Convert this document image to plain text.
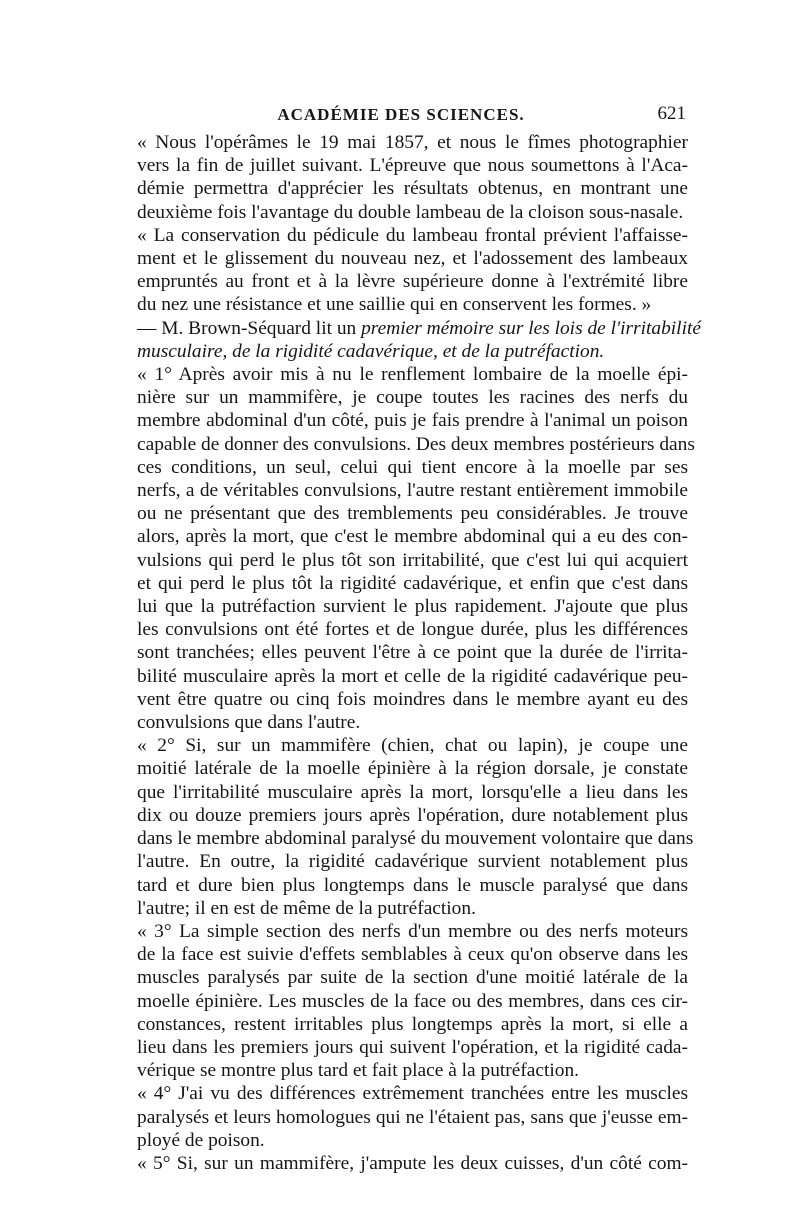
ACADÉMIE DES SCIENCES.	621

« Nous l'opérâmes le 19 mai 1857, et nous le fîmes photographier
vers la fin de juillet suivant. L'épreuve que nous soumettons à l'Aca-
démie permettra d'apprécier les résultats obtenus, en montrant une
deuxième fois l'avantage du double lambeau de la cloison sous-nasale.

« La conservation du pédicule du lambeau frontal prévient l'affaisse-
ment et le glissement du nouveau nez, et l'adossement des lambeaux
empruntés au front et à la lèvre supérieure donne à l'extrémité libre
du nez une résistance et une saillie qui en conservent les formes. »

— M. Brown-Séquard lit un premier mémoire sur les lois de l'irritabilité
musculaire, de la rigidité cadavérique, et de la putréfaction.

« 1° Après avoir mis à nu le renflement lombaire de la moelle épi-
nière sur un mammifère, je coupe toutes les racines des nerfs du
membre abdominal d'un côté, puis je fais prendre à l'animal un poison
capable de donner des convulsions. Des deux membres postérieurs dans
ces conditions, un seul, celui qui tient encore à la moelle par ses
nerfs, a de véritables convulsions, l'autre restant entièrement immobile
ou ne présentant que des tremblements peu considérables. Je trouve
alors, après la mort, que c'est le membre abdominal qui a eu des con-
vulsions qui perd le plus tôt son irritabilité, que c'est lui qui acquiert
et qui perd le plus tôt la rigidité cadavérique, et enfin que c'est dans
lui que la putréfaction survient le plus rapidement. J'ajoute que plus
les convulsions ont été fortes et de longue durée, plus les différences
sont tranchées; elles peuvent l'être à ce point que la durée de l'irrita-
bilité musculaire après la mort et celle de la rigidité cadavérique peu-
vent être quatre ou cinq fois moindres dans le membre ayant eu des
convulsions que dans l'autre.

« 2° Si, sur un mammifère (chien, chat ou lapin), je coupe une
moitié latérale de la moelle épinière à la région dorsale, je constate
que l'irritabilité musculaire après la mort, lorsqu'elle a lieu dans les
dix ou douze premiers jours après l'opération, dure notablement plus
dans le membre abdominal paralysé du mouvement volontaire que dans
l'autre. En outre, la rigidité cadavérique survient notablement plus
tard et dure bien plus longtemps dans le muscle paralysé que dans
l'autre; il en est de même de la putréfaction.

« 3° La simple section des nerfs d'un membre ou des nerfs moteurs
de la face est suivie d'effets semblables à ceux qu'on observe dans les
muscles paralysés par suite de la section d'une moitié latérale de la
moelle épinière. Les muscles de la face ou des membres, dans ces cir-
constances, restent irritables plus longtemps après la mort, si elle a
lieu dans les premiers jours qui suivent l'opération, et la rigidité cada-
vérique se montre plus tard et fait place à la putréfaction.

« 4° J'ai vu des différences extrêmement tranchées entre les muscles
paralysés et leurs homologues qui ne l'étaient pas, sans que j'eusse em-
ployé de poison.

« 5° Si, sur un mammifère, j'ampute les deux cuisses, d'un côté com-
